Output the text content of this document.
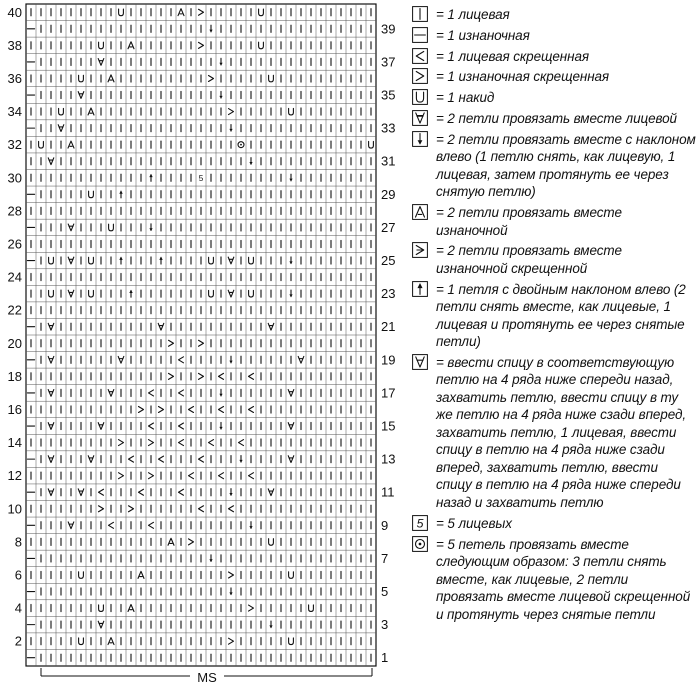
5
2
4
6
8
10
12
14
16
18
20
22
24
26
28
30
32
34
36
38
40
1
3
5
7
9
11
13
15
17
19
21
23
25
27
29
31
33
35
37
39
MS
= 1 лицевая
= 1 изнаночная
= 1 лицевая скрещенная
= 1 изнаночная скрещенная
= 1 накид
= 2 петли провязать вместе лицевой
= 2 петли провязать вместе с наклоном влево (1 петлю снять, как лицевую, 1 лицевая, затем протянуть ее через снятую петлю)
= 2 петли провязать вместе изнаночной
= 2 петли провязать вместе изнаночной скрещенной
= 1 петля с двойным наклоном влево (2 петли снять вместе, как лицевые, 1 лицевая и протянуть ее через снятые петли)
= ввести спицу в соответствующую петлю на 4 ряда ниже спереди назад, захватить петлю, ввести спицу в ту же петлю на 4 ряда ниже сзади вперед, захватить петлю, 1 лицевая, ввести спицу в петлю на 4 ряда ниже сзади вперед, захватить петлю, ввести спицу в петлю на 4 ряда ниже спереди назад и захватить петлю
5 = 5 лицевых
= 5 петель провязать вместе следующим образом: 3 петли снять вместе, как лицевые, 2 петли провязать вместе лицевой скрещенной и протянуть через снятые петли
